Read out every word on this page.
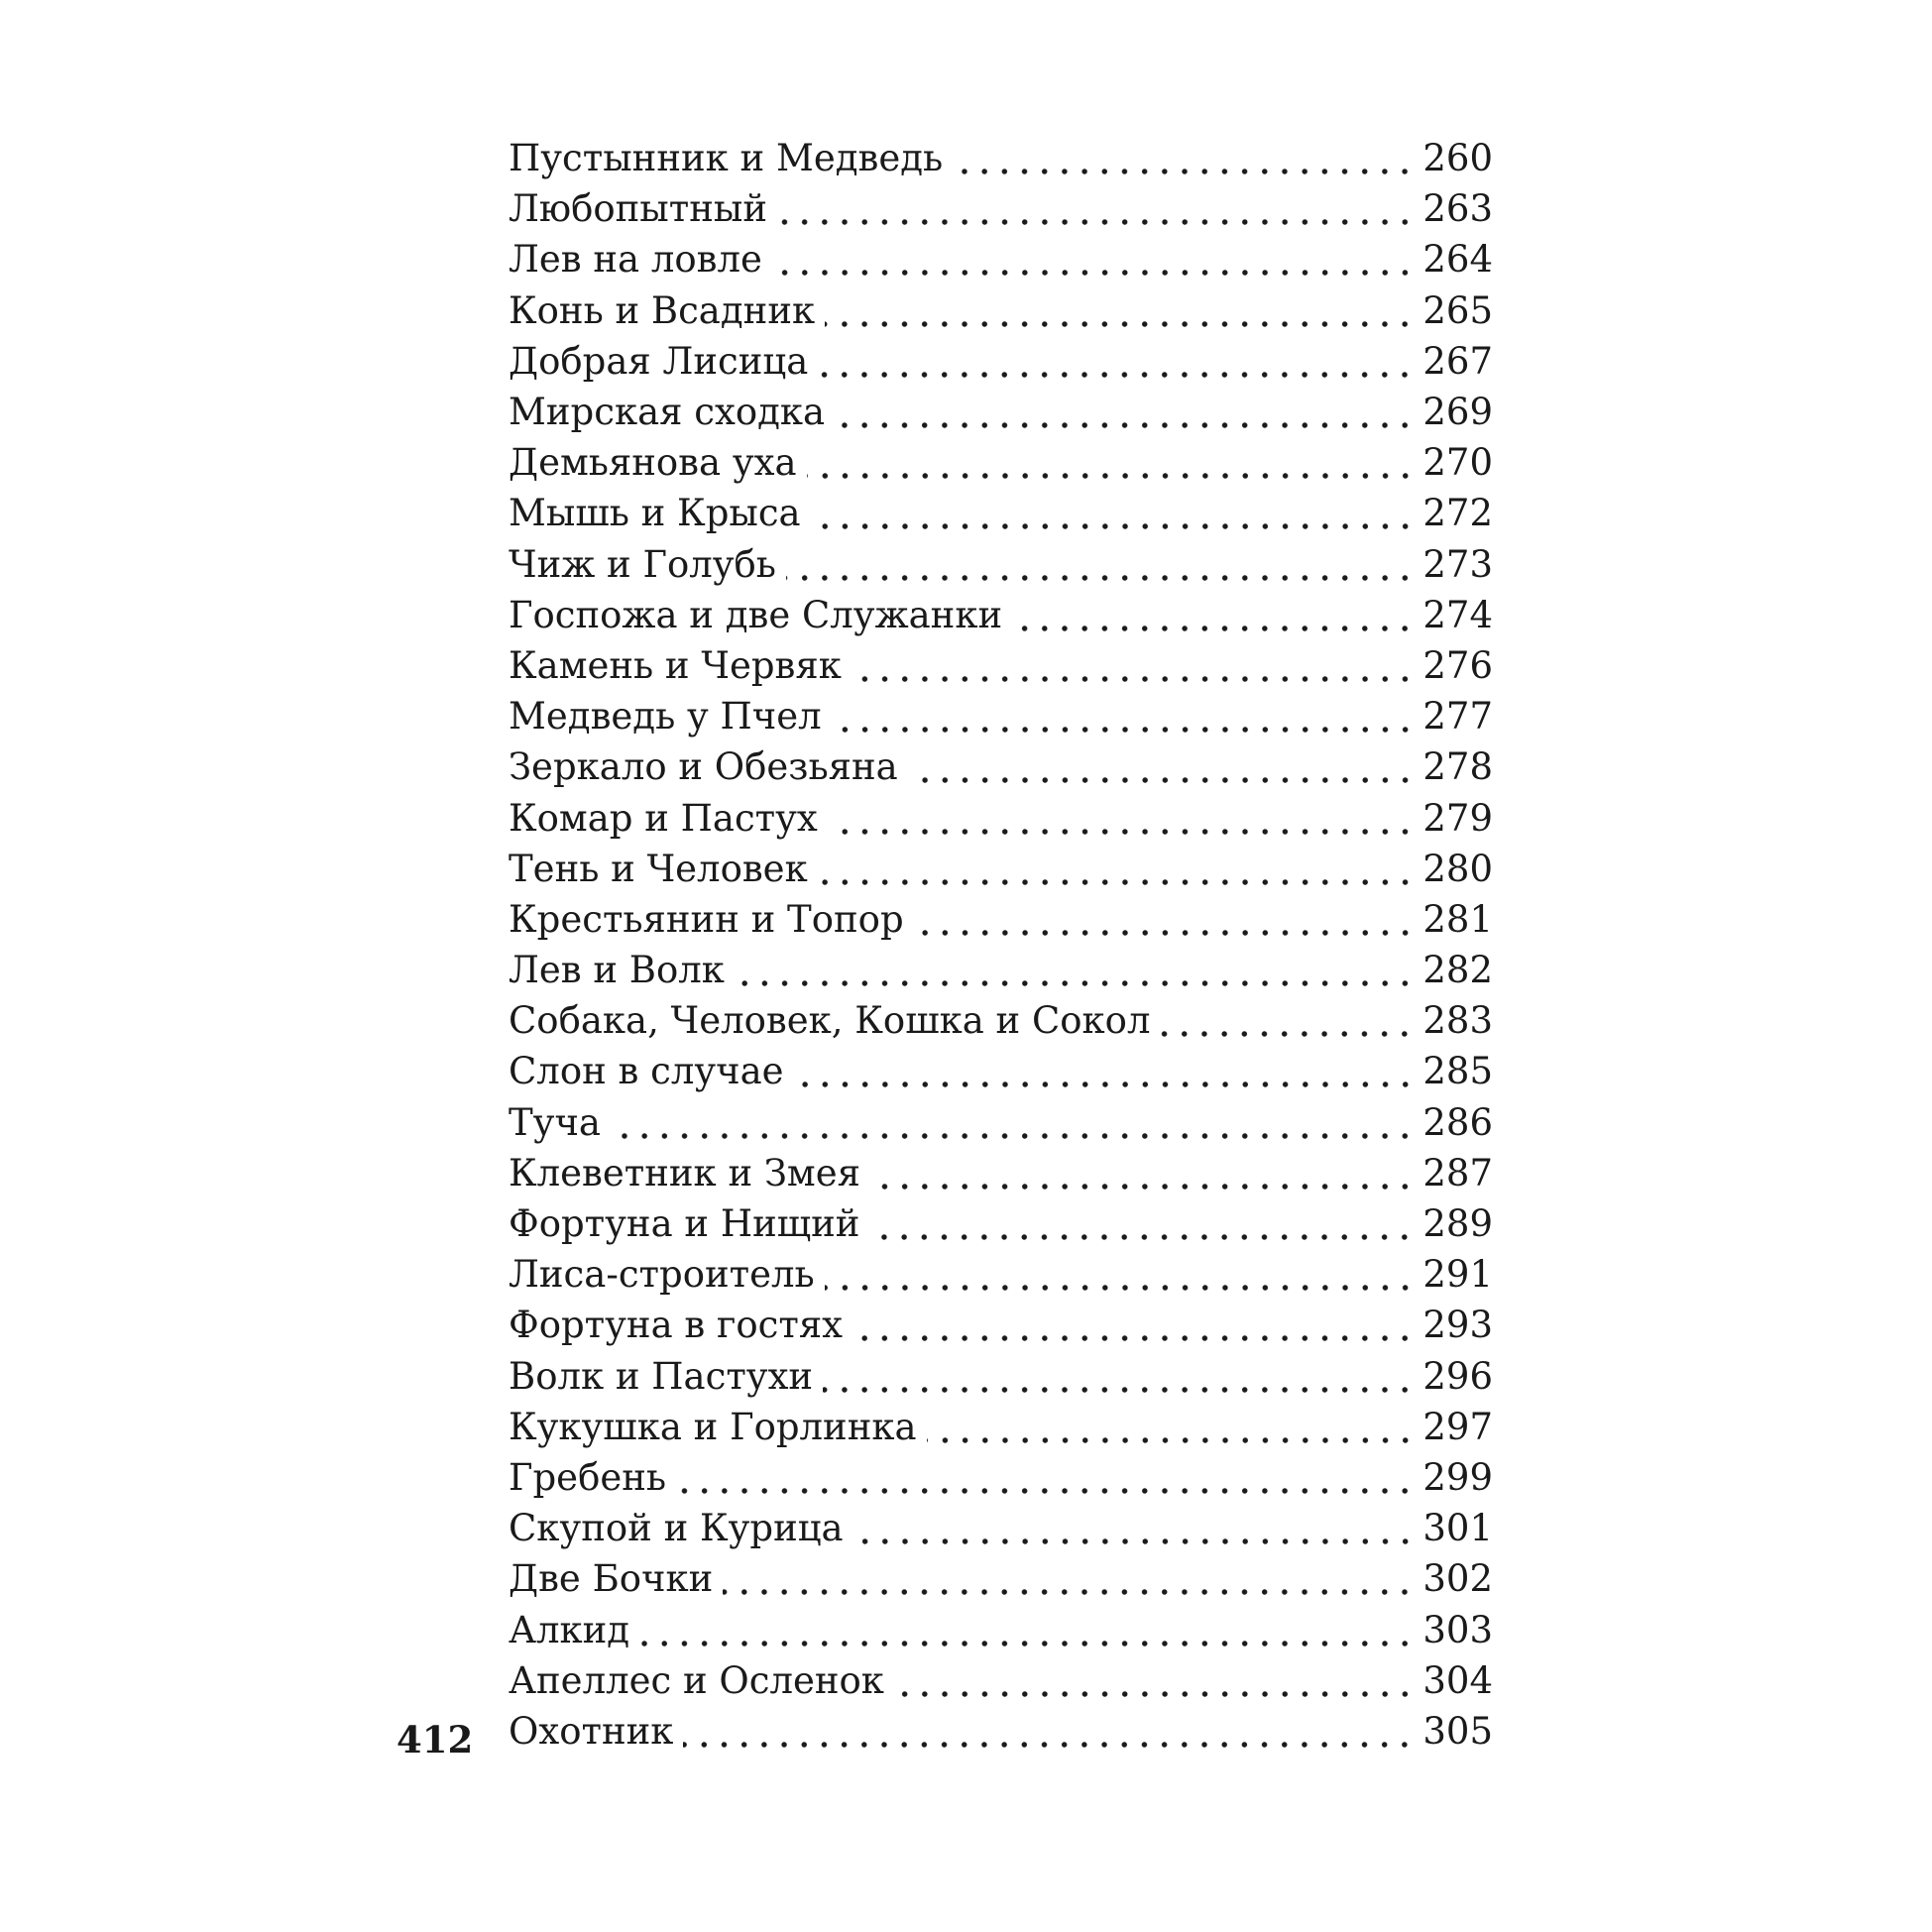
Пустынник и Медведь	260
Любопытный	263
Лев на ловле	264
Конь и Всадник	265
Добрая Лисица	267
Мирская сходка	269
Демьянова уха	270
Мышь и Крыса	272
Чиж и Голубь	273
Госпожа и две Служанки	274
Камень и Червяк	276
Медведь у Пчел	277
Зеркало и Обезьяна	278
Комар и Пастух	279
Тень и Человек	280
Крестьянин и Топор	281
Лев и Волк	282
Собака, Человек, Кошка и Сокол	283
Слон в случае	285
Туча	286
Клеветник и Змея	287
Фортуна и Нищий	289
Лиса-строитель	291
Фортуна в гостях	293
Волк и Пастухи	296
Кукушка и Горлинка	297
Гребень	299
Скупой и Курица	301
Две Бочки	302
Алкид	303
Апеллес и Осленок	304
Охотник	305
412
